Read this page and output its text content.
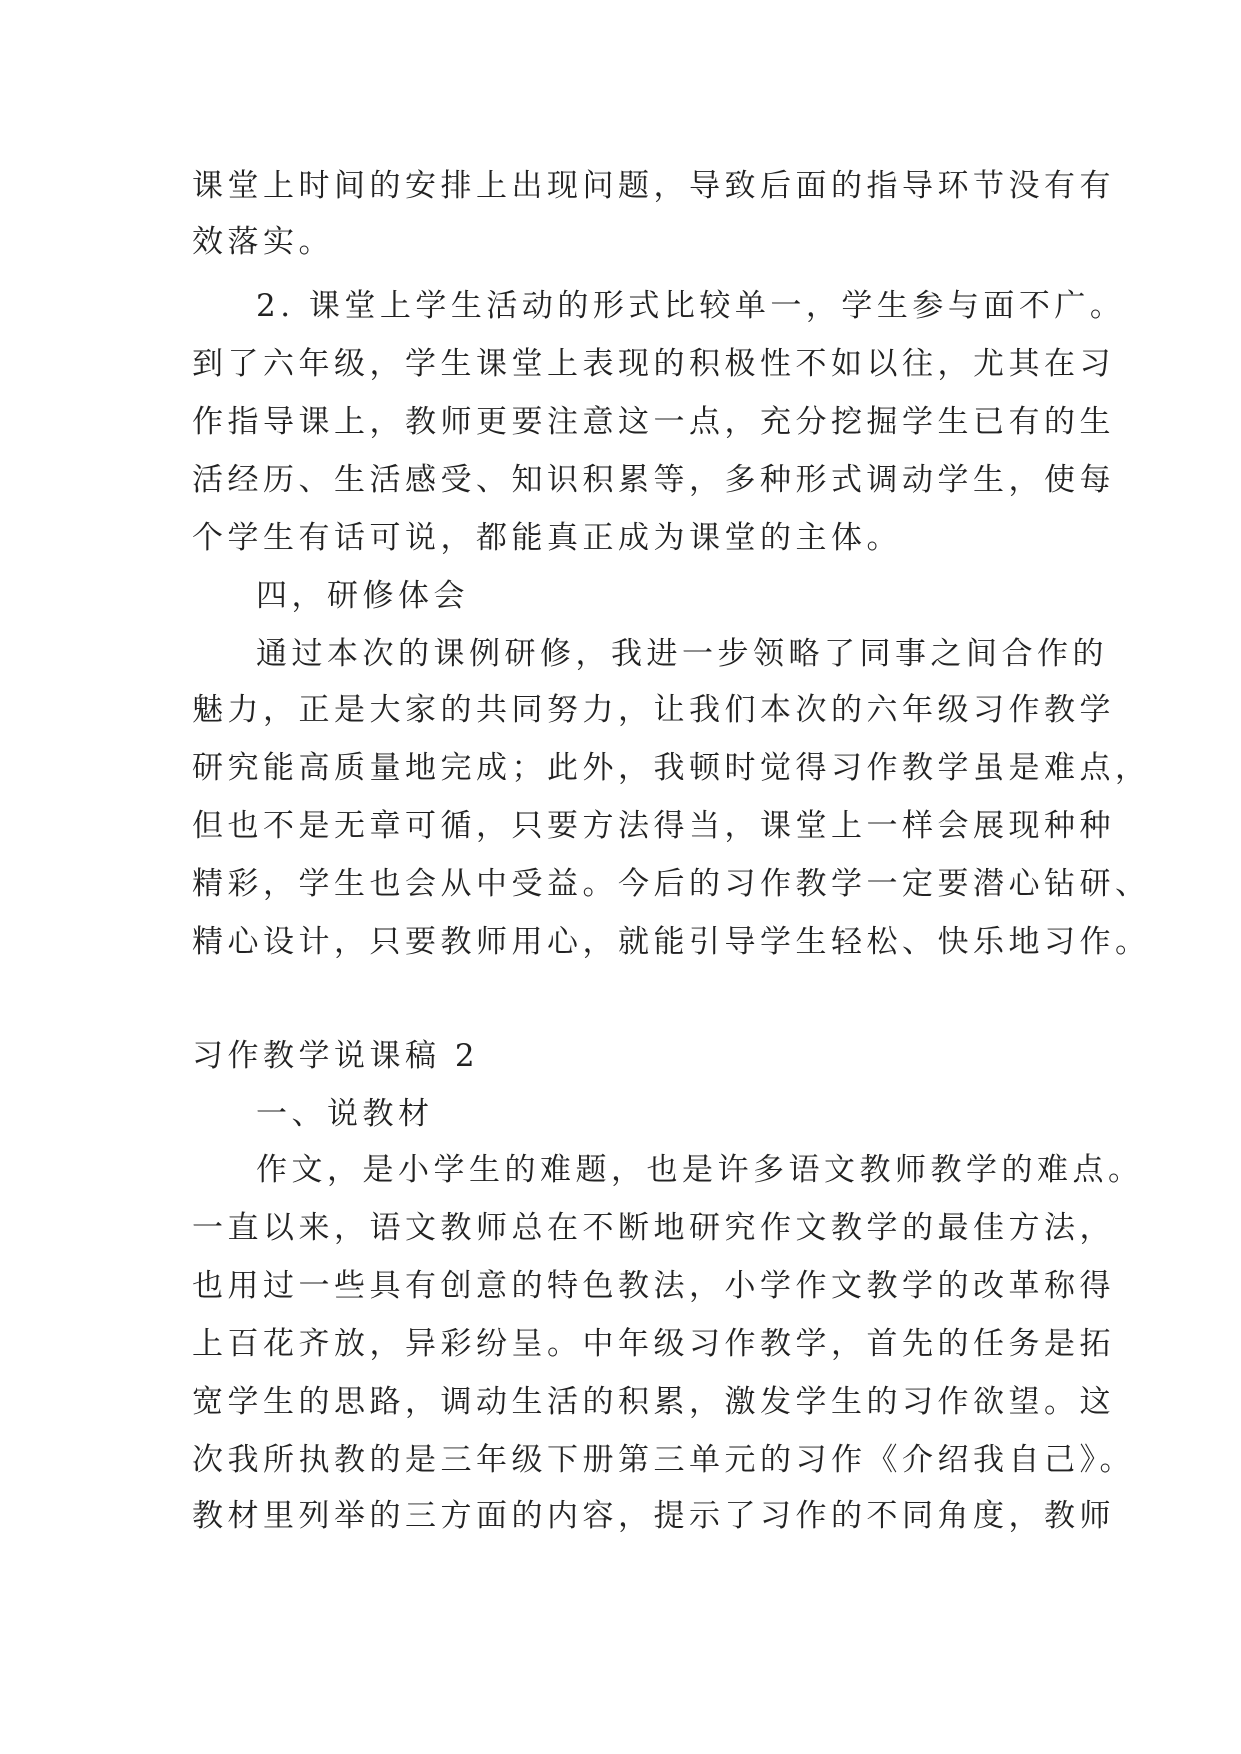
课堂上时间的安排上出现问题，导致后面的指导环节没有有
效落实。
2. 课堂上学生活动的形式比较单一，学生参与面不广。
到了六年级，学生课堂上表现的积极性不如以往，尤其在习
作指导课上，教师更要注意这一点，充分挖掘学生已有的生
活经历、生活感受、知识积累等，多种形式调动学生，使每
个学生有话可说，都能真正成为课堂的主体。
四，研修体会
通过本次的课例研修，我进一步领略了同事之间合作的
魅力，正是大家的共同努力，让我们本次的六年级习作教学
研究能高质量地完成；此外，我顿时觉得习作教学虽是难点，
但也不是无章可循，只要方法得当，课堂上一样会展现种种
精彩，学生也会从中受益。今后的习作教学一定要潜心钻研、
精心设计，只要教师用心，就能引导学生轻松、快乐地习作。
习作教学说课稿 2
一、说教材
作文，是小学生的难题，也是许多语文教师教学的难点。
一直以来，语文教师总在不断地研究作文教学的最佳方法，
也用过一些具有创意的特色教法，小学作文教学的改革称得
上百花齐放，异彩纷呈。中年级习作教学，首先的任务是拓
宽学生的思路，调动生活的积累，激发学生的习作欲望。这
次我所执教的是三年级下册第三单元的习作《介绍我自己》。
教材里列举的三方面的内容，提示了习作的不同角度，教师
